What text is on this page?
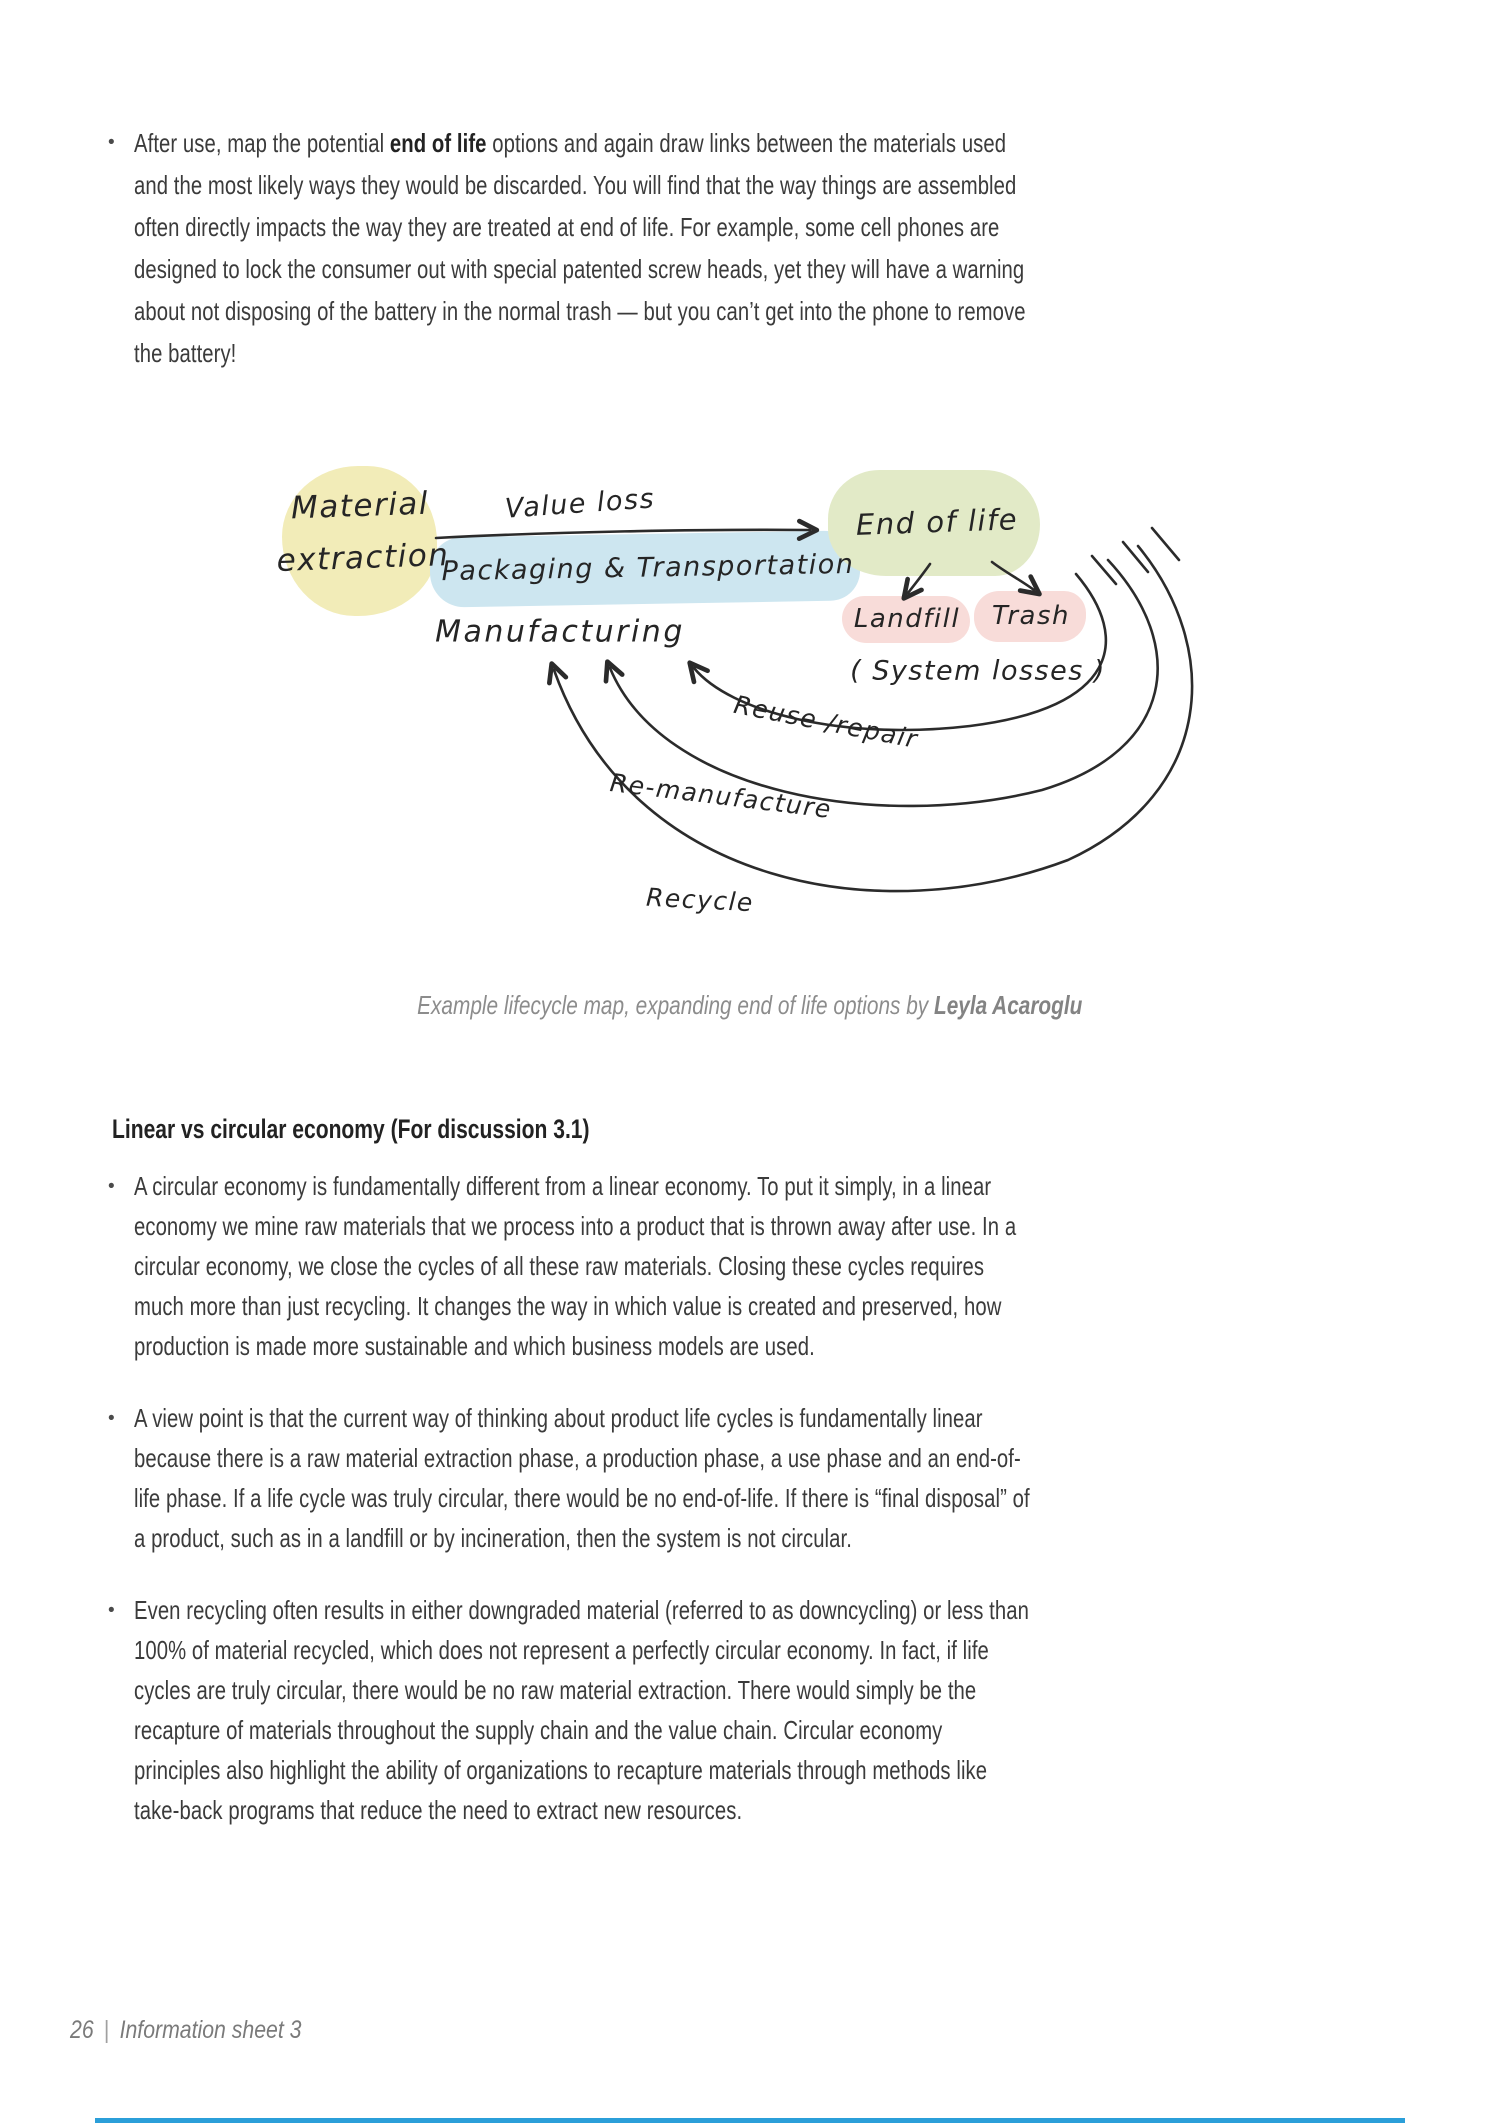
• After use, map the potential end of life options and again draw links between the materials used and the most likely ways they would be discarded. You will find that the way things are assembled often directly impacts the way they are treated at end of life. For example, some cell phones are designed to lock the consumer out with special patented screw heads, yet they will have a warning about not disposing of the battery in the normal trash — but you can’t get into the phone to remove the battery!
Material
extraction
Value loss
Packaging & Transportation
Manufacturing
End of life
Landfill Trash
( System losses )
Reuse /repair
Re-manufacture
Recycle
Example lifecycle map, expanding end of life options by Leyla Acaroglu
Linear vs circular economy (For discussion 3.1)
• A circular economy is fundamentally different from a linear economy. To put it simply, in a linear economy we mine raw materials that we process into a product that is thrown away after use. In a circular economy, we close the cycles of all these raw materials. Closing these cycles requires much more than just recycling. It changes the way in which value is created and preserved, how production is made more sustainable and which business models are used.
• A view point is that the current way of thinking about product life cycles is fundamentally linear because there is a raw material extraction phase, a production phase, a use phase and an end-of-life phase. If a life cycle was truly circular, there would be no end-of-life. If there is “final disposal” of a product, such as in a landfill or by incineration, then the system is not circular.
• Even recycling often results in either downgraded material (referred to as downcycling) or less than 100% of material recycled, which does not represent a perfectly circular economy. In fact, if life cycles are truly circular, there would be no raw material extraction. There would simply be the recapture of materials throughout the supply chain and the value chain. Circular economy principles also highlight the ability of organizations to recapture materials through methods like take-back programs that reduce the need to extract new resources.
26 | Information sheet 3
